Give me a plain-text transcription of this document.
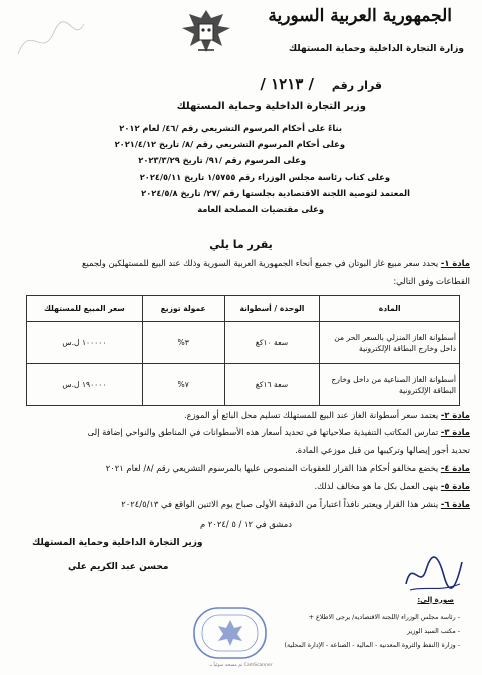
الجمهورية العربية السورية
وزارة التجارة الداخلية وحماية المستهلك
قرار رقم / ١٢١٣ /
وزير التجارة الداخلية وحماية المستهلك
بناءً على أحكام المرسوم التشريعي رقم /٤٦/ لعام ٢٠١٢
وعلى أحكام المرسوم التشريعي رقم /٨/ تاريخ ٢٠٢١/٤/١٢
وعلى المرسوم رقم /٩١/ تاريخ ٢٠٢٣/٣/٢٩
وعلى كتاب رئاسة مجلس الوزراء رقم ١/٥٧٥٥ تاريخ ٢٠٢٤/٥/١١
المعتمد لتوصية اللجنة الاقتصادية بجلستها رقم /٢٧/ تاريخ ٢٠٢٤/٥/٨
وعلى مقتضيات المصلحة العامة
يقرر ما يلي
مادة ١- يحدد سعر مبيع غاز البوتان في جميع أنحاء الجمهورية العربية السورية وذلك عند البيع للمستهلكين ولجميع
القطاعات وفق التالي:
المادة	الوحدة / أسطوانة	عمولة توزيع	سعر المبيع للمستهلك

أسطوانة الغاز المنزلي بالسعر الحر من
داخل وخارج البطاقة الإلكترونية	سعة ١٠كغ	٣%	١٠٠٠٠٠ ل.س

أسطوانة الغاز الصناعية من داخل وخارج
البطاقة الإلكترونية	سعة ١٦كغ	٧%	١٩٠٠٠٠ ل.س
مادة ٢- يعتمد سعر أسطوانة الغاز عند البيع للمستهلك تسليم محل البائع أو الموزع.
مادة ٣- تمارس المكاتب التنفيذية صلاحياتها في تحديد أسعار هذه الأسطوانات في المناطق والنواحي إضافة إلى
تحديد أجور إيصالها وتركيبها من قبل موزعي المادة.
مادة ٤- يخضع مخالفو أحكام هذا القرار للعقوبات المنصوص عليها بالمرسوم التشريعي رقم /٨/ لعام ٢٠٢١
مادة ٥- ينهى العمل بكل ما هو مخالف لذلك.
مادة ٦- ينشر هذا القرار ويعتبر نافذاً اعتباراً من الدقيقة الأولى صباح يوم الاثنين الواقع في ٢٠٢٤/٥/١٣
دمشق في ١٢ / ٥ /٢٠٢٤ م
وزير التجارة الداخلية وحماية المستهلك
محسن عبد الكريم علي
صورة إلى:
- رئاسة مجلس الوزراء /اللجنة الاقتصادية/ يرجى الاطلاع +
- مكتب السيد الوزير
- وزارة (النفط والثروة المعدنية - المالية - الصناعة - الإدارة المحلية)
CamScanner تم مسحه ضوئياً بـ
